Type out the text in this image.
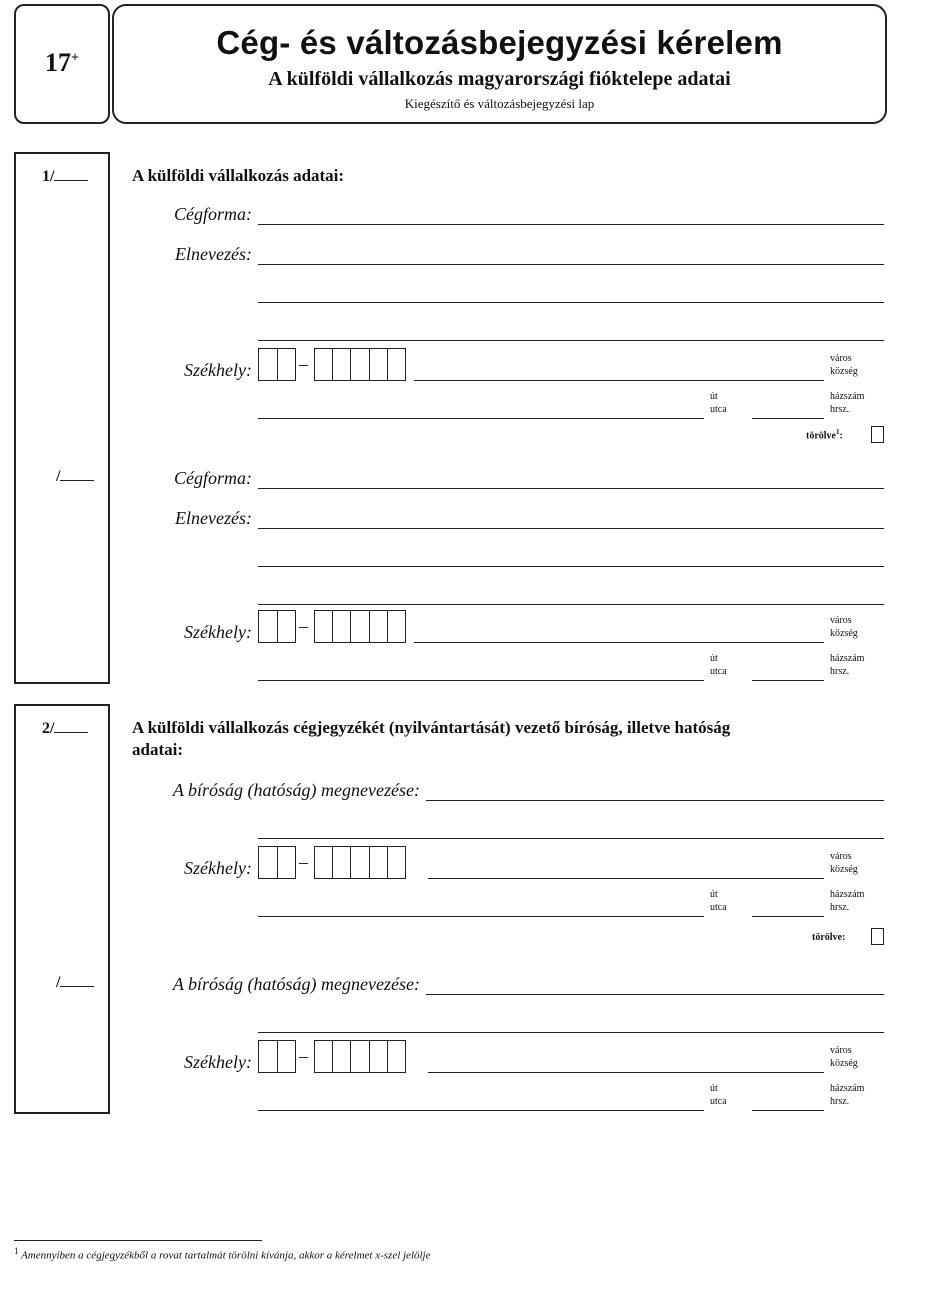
17+	Cég- és változásbejegyzési kérelem
A külföldi vállalkozás magyarországi fióktelepe adatai
Kiegészítő és változásbejegyzési lap
1/	A külföldi vállalkozás adatai:
Cégforma:
Elnevezés:
Székhely:	–	város
község
út
utca
házszám
hrsz.
törölve$^1$:
/	Cégforma:
Elnevezés:
Székhely:	–	város
község
út
utca
házszám
hrsz.
2/	A külföldi vállalkozás cégjegyzékét (nyilvántartását) vezető bíróság, illetve hatóság
adatai:
A bíróság (hatóság) megnevezése:
Székhely:	–	város
község
út
utca
házszám
hrsz.
törölve:
/	A bíróság (hatóság) megnevezése:
Székhely:	–	város
község
út
utca
házszám
hrsz.
$^1$ Amennyiben a cégjegyzékből a rovat tartalmát törölni kívánja, akkor a kérelmet x-szel jelölje
